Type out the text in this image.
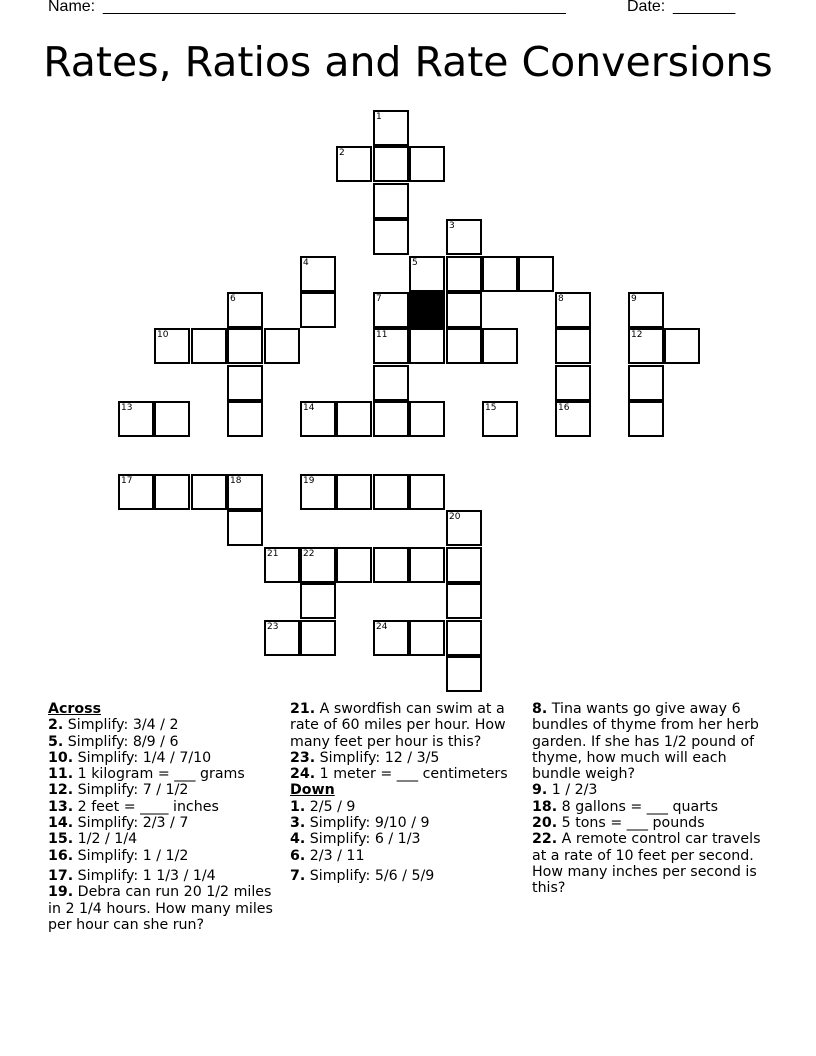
Name: ____________________________________________________	Date: _______
Rates, Ratios and Rate Conversions
1
2
3
4	5
6	7	8	9
10	11	12
13	14	15	16
17	18	19
20
21	22
23	24
Across
2. Simplify: 3/4 / 2
5. Simplify: 8/9 / 6
10. Simplify: 1/4 / 7/10
11. 1 kilogram = ___ grams
12. Simplify: 7 / 1/2
13. 2 feet = ____ inches
14. Simplify: 2/3 / 7
15. 1/2 / 1/4
16. Simplify: 1 / 1/2
17. Simplify: 1 1/3 / 1/4
19. Debra can run 20 1/2 miles in 2 1/4 hours. How many miles per hour can she run?
21. A swordfish can swim at a rate of 60 miles per hour. How many feet per hour is this?
23. Simplify: 12 / 3/5
24. 1 meter = ___ centimeters
Down
1. 2/5 / 9
3. Simplify: 9/10 / 9
4. Simplify: 6 / 1/3
6. 2/3 / 11
7. Simplify: 5/6 / 5/9
8. Tina wants go give away 6 bundles of thyme from her herb garden. If she has 1/2 pound of thyme, how much will each bundle weigh?
9. 1 / 2/3
18. 8 gallons = ___ quarts
20. 5 tons = ___ pounds
22. A remote control car travels at a rate of 10 feet per second. How many inches per second is this?
